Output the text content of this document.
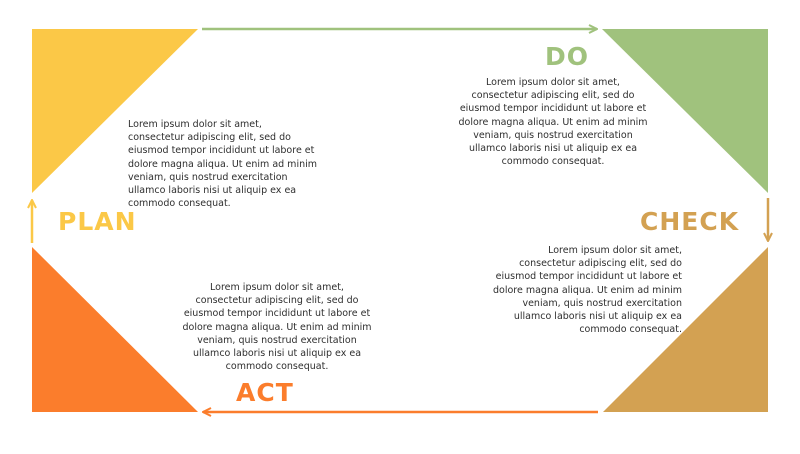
PLAN
DO
CHECK
ACT

Lorem ipsum dolor sit amet,
consectetur adipiscing elit, sed do
eiusmod tempor incididunt ut labore et
dolore magna aliqua. Ut enim ad minim
veniam, quis nostrud exercitation
ullamco laboris nisi ut aliquip ex ea
commodo consequat.

Lorem ipsum dolor sit amet,
consectetur adipiscing elit, sed do
eiusmod tempor incididunt ut labore et
dolore magna aliqua. Ut enim ad minim
veniam, quis nostrud exercitation
ullamco laboris nisi ut aliquip ex ea
commodo consequat.

Lorem ipsum dolor sit amet,
consectetur adipiscing elit, sed do
eiusmod tempor incididunt ut labore et
dolore magna aliqua. Ut enim ad minim
veniam, quis nostrud exercitation
ullamco laboris nisi ut aliquip ex ea
commodo consequat.

Lorem ipsum dolor sit amet,
consectetur adipiscing elit, sed do
eiusmod tempor incididunt ut labore et
dolore magna aliqua. Ut enim ad minim
veniam, quis nostrud exercitation
ullamco laboris nisi ut aliquip ex ea
commodo consequat.
